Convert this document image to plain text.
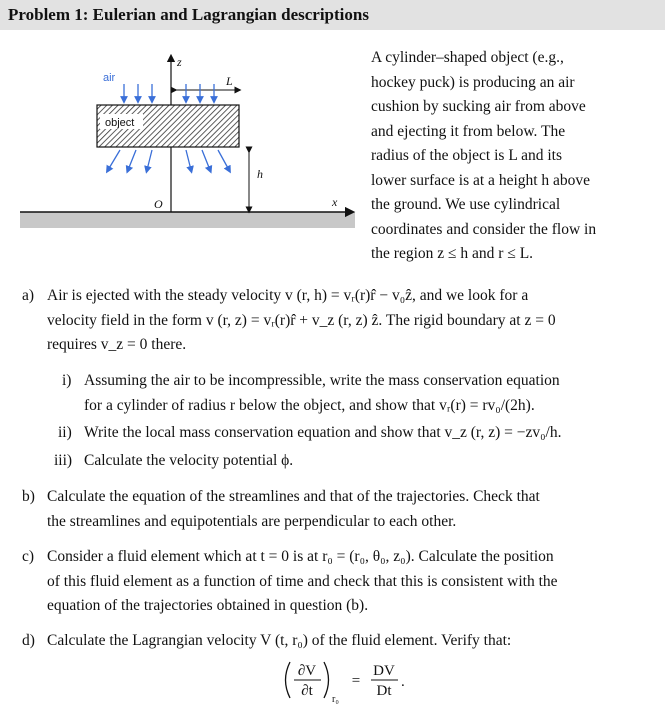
Problem 1: Eulerian and Lagrangian descriptions
air
object
z
L
h
O	x
A cylinder–shaped object (e.g.,
hockey puck) is producing an air
cushion by sucking air from above
and ejecting it from below. The
radius of the object is L and its
lower surface is at a height h above
the ground. We use cylindrical
coordinates and consider the flow in
the region z ≤ h and r ≤ L.
a) Air is ejected with the steady velocity v (r, h) = vᵣ(r)r̂ − v₀ẑ, and we look for a
velocity field in the form v (r, z) = vᵣ(r)r̂ + v_z (r, z) ẑ. The rigid boundary at z = 0
requires v_z = 0 there.
i) Assuming the air to be incompressible, write the mass conservation equation
for a cylinder of radius r below the object, and show that vᵣ(r) = rv₀/(2h).
ii) Write the local mass conservation equation and show that v_z (r, z) = −zv₀/h.
iii) Calculate the velocity potential ϕ.
b) Calculate the equation of the streamlines and that of the trajectories. Check that
the streamlines and equipotentials are perpendicular to each other.
c) Consider a fluid element which at t = 0 is at r₀ = (r₀, θ₀, z₀). Calculate the position
of this fluid element as a function of time and check that this is consistent with the
equation of the trajectories obtained in question (b).
d) Calculate the Lagrangian velocity V (t, r₀) of the fluid element. Verify that:
∂V
∂t
r₀
=
DV
Dt
.
